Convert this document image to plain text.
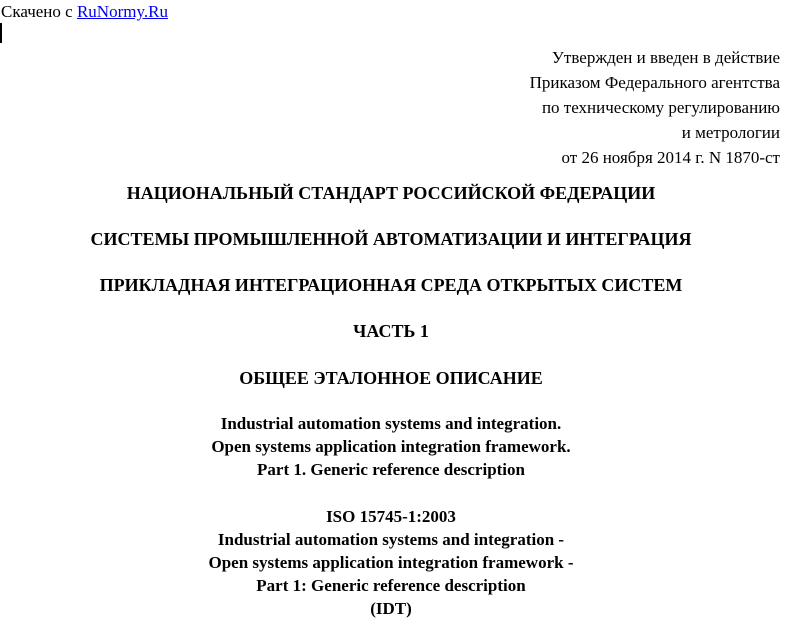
Скачено с RuNormy.Ru
Утвержден и введен в действие
Приказом Федерального агентства
по техническому регулированию
и метрологии
от 26 ноября 2014 г. N 1870-ст
НАЦИОНАЛЬНЫЙ СТАНДАРТ РОССИЙСКОЙ ФЕДЕРАЦИИ
СИСТЕМЫ ПРОМЫШЛЕННОЙ АВТОМАТИЗАЦИИ И ИНТЕГРАЦИЯ
ПРИКЛАДНАЯ ИНТЕГРАЦИОННАЯ СРЕДА ОТКРЫТЫХ СИСТЕМ
ЧАСТЬ 1
ОБЩЕЕ ЭТАЛОННОЕ ОПИСАНИЕ
Industrial automation systems and integration.
Open systems application integration framework.
Part 1. Generic reference description
ISO 15745-1:2003
Industrial automation systems and integration -
Open systems application integration framework -
Part 1: Generic reference description
(IDT)
